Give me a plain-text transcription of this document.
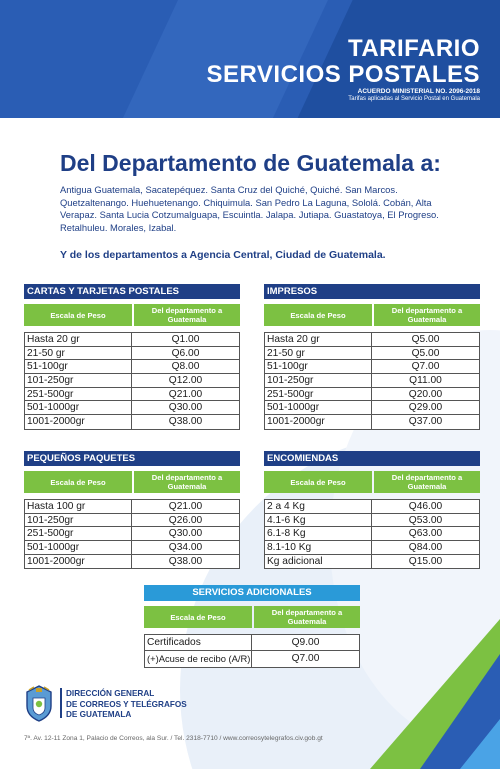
TARIFARIO
SERVICIOS POSTALES
ACUERDO MINISTERIAL NO. 2096-2018
Tarifas aplicadas al Servicio Postal en Guatemala
Del Departamento de Guatemala a:
Antigua Guatemala, Sacatepéquez. Santa Cruz del Quiché, Quiché. San Marcos. Quetzaltenango. Huehuetenango. Chiquimula. San Pedro La Laguna, Sololá. Cobán, Alta Verapaz. Santa Lucia Cotzumalguapa, Escuintla. Jalapa. Jutiapa. Guastatoya, El Progreso. Retalhuleu. Morales, Izabal.
Y de los departamentos a Agencia Central, Ciudad de Guatemala.
CARTAS Y TARJETAS POSTALES
Escala de Peso	Del departamento a Guatemala
Hasta 20 gr	Q1.00
21-50 gr	Q6.00
51-100gr	Q8.00
101-250gr	Q12.00
251-500gr	Q21.00
501-1000gr	Q30.00
1001-2000gr	Q38.00
IMPRESOS
Escala de Peso	Del departamento a Guatemala
Hasta 20 gr	Q5.00
21-50 gr	Q5.00
51-100gr	Q7.00
101-250gr	Q11.00
251-500gr	Q20.00
501-1000gr	Q29.00
1001-2000gr	Q37.00
PEQUEÑOS PAQUETES
Escala de Peso	Del departamento a Guatemala
Hasta 100 gr	Q21.00
101-250gr	Q26.00
251-500gr	Q30.00
501-1000gr	Q34.00
1001-2000gr	Q38.00
ENCOMIENDAS
Escala de Peso	Del departamento a Guatemala
2 a 4 Kg	Q46.00
4.1-6 Kg	Q53.00
6.1-8 Kg	Q63.00
8.1-10 Kg	Q84.00
Kg adicional	Q15.00
SERVICIOS ADICIONALES
Escala de Peso	Del departamento a Guatemala
Certificados	Q9.00
(+)Acuse de recibo (A/R)	Q7.00
DIRECCIÓN GENERAL
DE CORREOS Y TELÉGRAFOS
DE GUATEMALA
7ª. Av. 12-11 Zona 1, Palacio de Correos, ala Sur. / Tel. 2318-7710 / www.correosytelegrafos.civ.gob.gt
